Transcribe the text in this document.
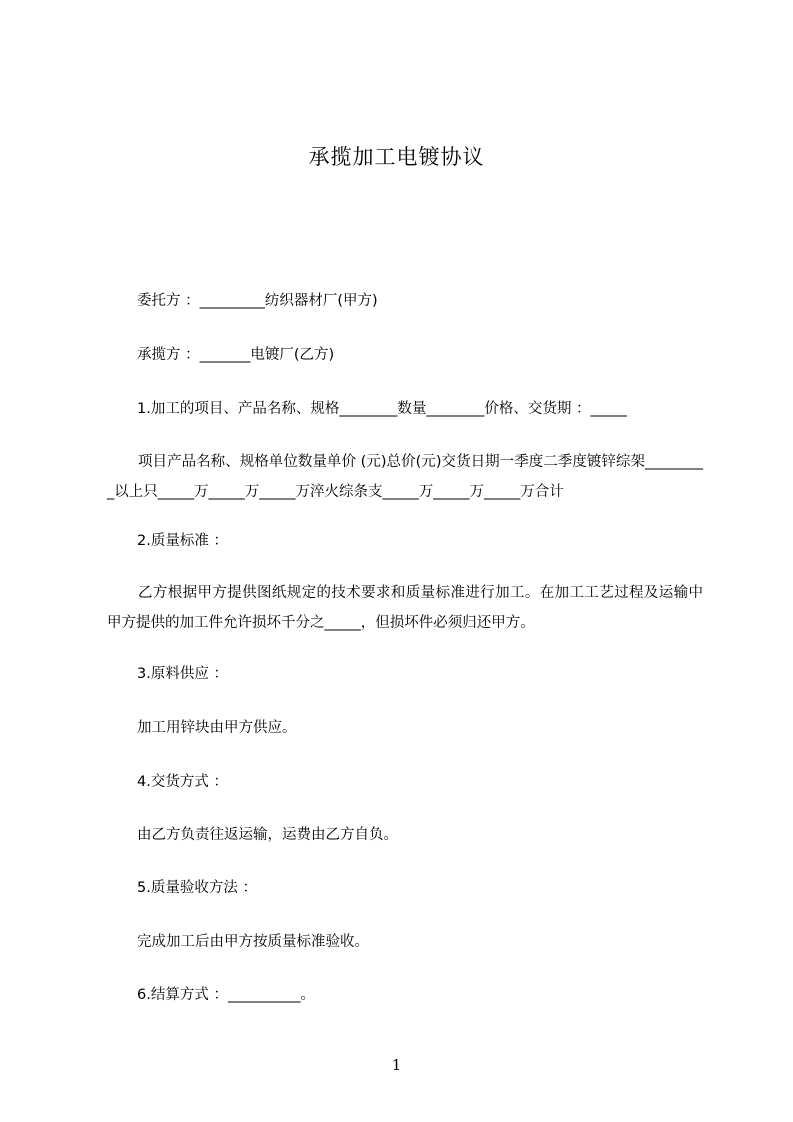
承揽加工电镀协议
委托方 ：_________纺织器材厂(甲方)
承揽方 ：_______电镀厂(乙方)
1.加工的项目、产品名称、规格________数量________价格、交货期 ：_____
项目产品名称、规格单位数量单价 (元)总价(元)交货日期一季度二季度镀锌综架_________以上只_____万_____万_____万淬火综条支_____万_____万_____万合计
2.质量标准 ：
乙方根据甲方提供图纸规定的技术要求和质量标准进行加工。在加工工艺过程及运输中甲方提供的加工件允许损坏千分之_____，但损坏件必须归还甲方。
3.原料供应 ：
加工用锌块由甲方供应。
4.交货方式 ：
由乙方负责往返运输，运费由乙方自负。
5.质量验收方法 ：
完成加工后由甲方按质量标准验收。
6.结算方式 ：__________。
1
